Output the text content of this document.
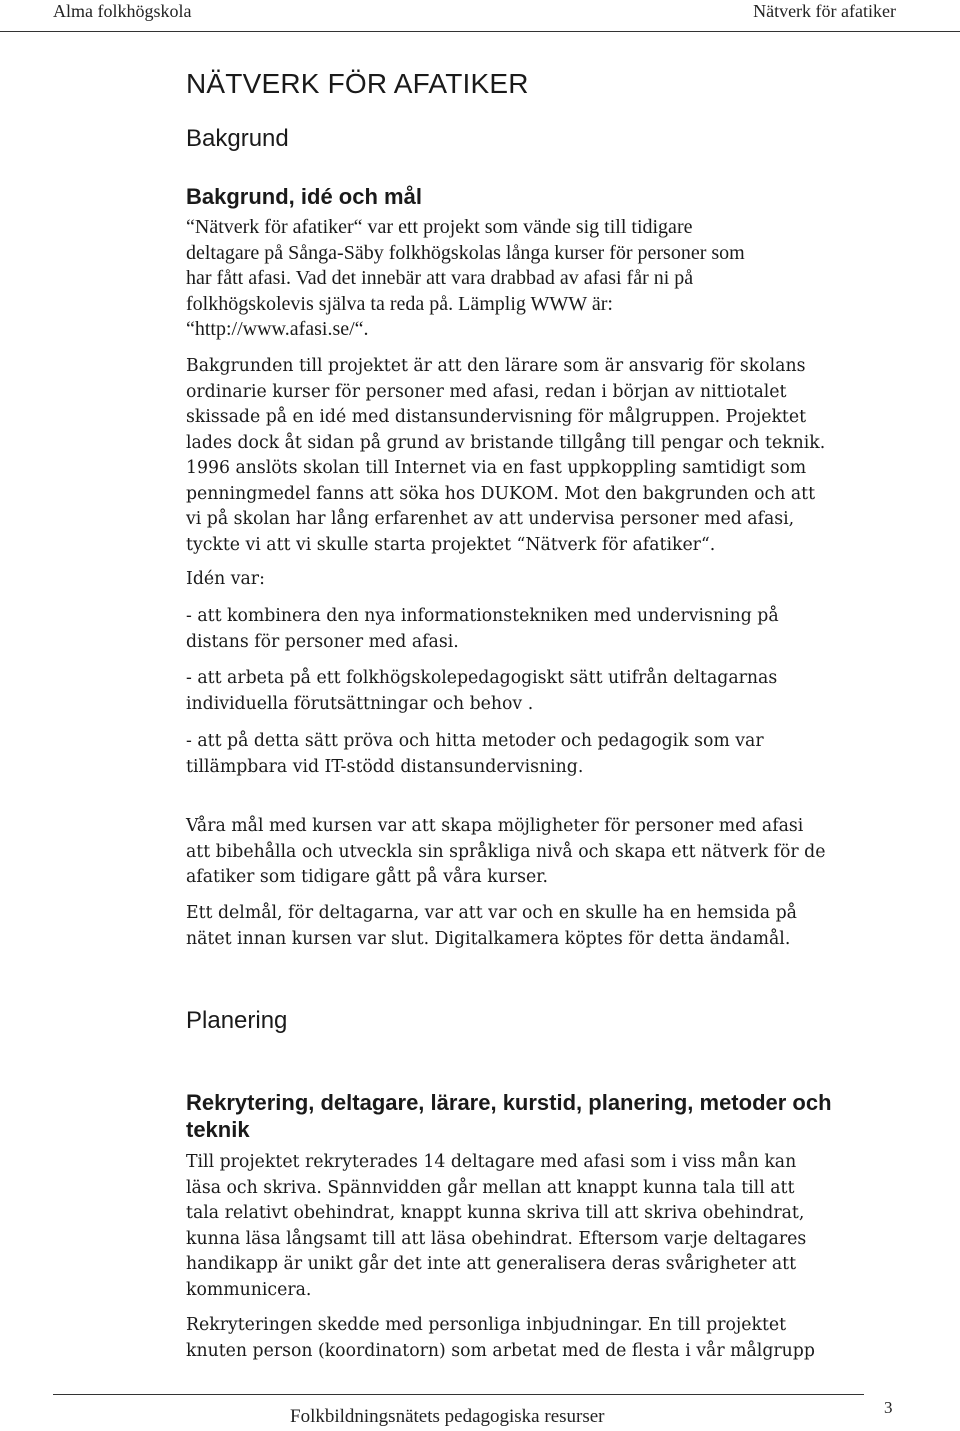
Alma folkhögskola	Nätverk för afatiker
NÄTVERK FÖR AFATIKER
Bakgrund
Bakgrund, idé och mål
“Nätverk för afatiker“ var ett projekt som vände sig till tidigare
deltagare på Sånga-Säby folkhögskolas långa kurser för personer som
har fått afasi. Vad det innebär att vara drabbad av afasi får ni på
folkhögskolevis själva ta reda på. Lämplig WWW är:
“http://www.afasi.se/“.
Bakgrunden till projektet är att den lärare som är ansvarig för skolans
ordinarie kurser för personer med afasi, redan i början av nittiotalet
skissade på en idé med distansundervisning för målgruppen. Projektet
lades dock åt sidan på grund av bristande tillgång till pengar och teknik.
1996 anslöts skolan till Internet via en fast uppkoppling samtidigt som
penningmedel fanns att söka hos DUKOM. Mot den bakgrunden och att
vi på skolan har lång erfarenhet av att undervisa personer med afasi,
tyckte vi att vi skulle starta projektet “Nätverk för afatiker“.
Idén var:
- att kombinera den nya informationstekniken med undervisning på
distans för personer med afasi.
- att arbeta på ett folkhögskolepedagogiskt sätt utifrån deltagarnas
individuella förutsättningar och behov .
- att på detta sätt pröva och hitta metoder och pedagogik som var
tillämpbara vid IT-stödd distansundervisning.
Våra mål med kursen var att skapa möjligheter för personer med afasi
att bibehålla och utveckla sin språkliga nivå och skapa ett nätverk för de
afatiker som tidigare gått på våra kurser.
Ett delmål, för deltagarna, var att var och en skulle ha en hemsida på
nätet innan kursen var slut. Digitalkamera köptes för detta ändamål.
Planering
Rekrytering, deltagare, lärare, kurstid, planering, metoder och
teknik
Till projektet rekryterades 14 deltagare med afasi som i viss mån kan
läsa och skriva. Spännvidden går mellan att knappt kunna tala till att
tala relativt obehindrat, knappt kunna skriva till att skriva obehindrat,
kunna läsa långsamt till att läsa obehindrat. Eftersom varje deltagares
handikapp är unikt går det inte att generalisera deras svårigheter att
kommunicera.
Rekryteringen skedde med personliga inbjudningar. En till projektet
knuten person (koordinatorn) som arbetat med de flesta i vår målgrupp
Folkbildningsnätets pedagogiska resurser	3
